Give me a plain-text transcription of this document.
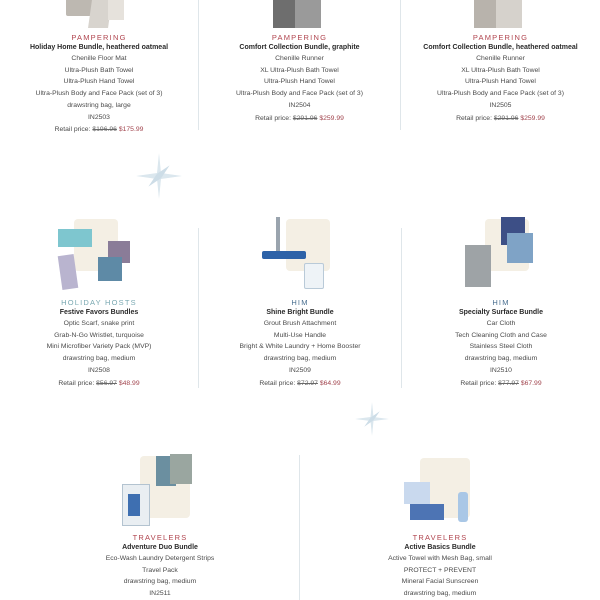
PAMPERING
Holiday Home Bundle, heathered oatmeal
Chenille Floor Mat
Ultra-Plush Bath Towel
Ultra-Plush Hand Towel
Ultra-Plush Body and Face Pack (set of 3)
drawstring bag, large
IN2503
Retail price: $196.96 $175.99
PAMPERING
Comfort Collection Bundle, graphite
Chenille Runner
XL Ultra-Plush Bath Towel
Ultra-Plush Hand Towel
Ultra-Plush Body and Face Pack (set of 3)
IN2504
Retail price: $291.96 $259.99
PAMPERING
Comfort Collection Bundle, heathered oatmeal
Chenille Runner
XL Ultra-Plush Bath Towel
Ultra-Plush Hand Towel
Ultra-Plush Body and Face Pack (set of 3)
IN2505
Retail price: $291.96 $259.99
HOLIDAY HOSTS
Festive Favors Bundles
Optic Scarf, snake print
Grab-N-Go Wristlet, turquoise
Mini Microfiber Variety Pack (MVP)
drawstring bag, medium
IN2508
Retail price: $56.97 $48.99
HIM
Shine Bright Bundle
Grout Brush Attachment
Multi-Use Handle
Bright & White Laundry + Home Booster
drawstring bag, medium
IN2509
Retail price: $72.97 $64.99
HIM
Specialty Surface Bundle
Car Cloth
Tech Cleaning Cloth and Case
Stainless Steel Cloth
drawstring bag, medium
IN2510
Retail price: $77.97 $67.99
TRAVELERS
Adventure Duo Bundle
Eco-Wash Laundry Detergent Strips
Travel Pack
drawstring bag, medium
IN2511
TRAVELERS
Active Basics Bundle
Active Towel with Mesh Bag, small
PROTECT + PREVENT
Mineral Facial Sunscreen
drawstring bag, medium
